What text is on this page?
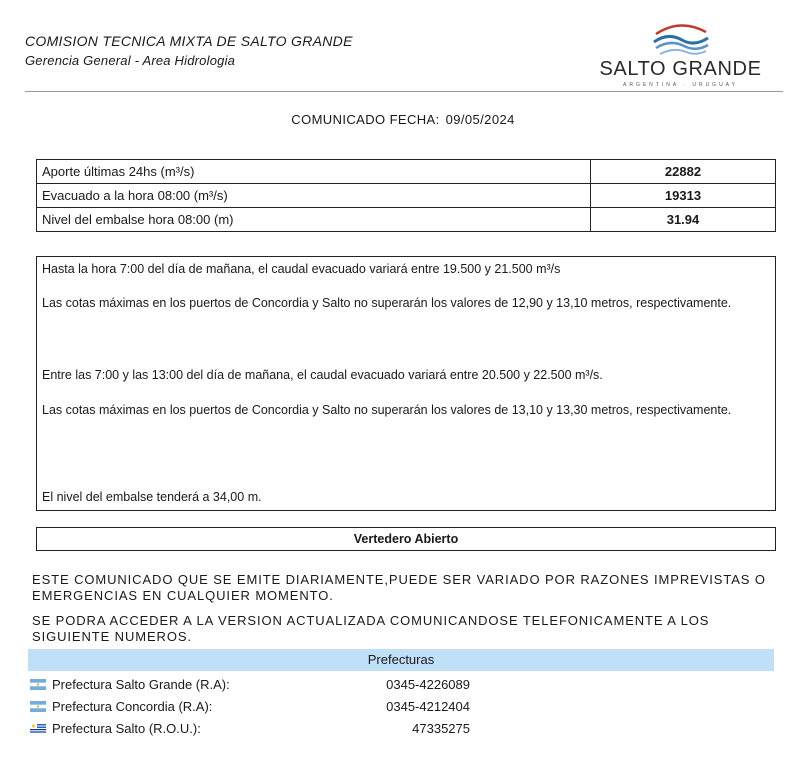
COMISION TECNICA MIXTA DE SALTO GRANDE
Gerencia General - Area Hidrologia	SALTO GRANDE
ARGENTINA · URUGUAY
COMUNICADO FECHA: 09/05/2024
Aporte últimas 24hs (m³/s)	22882
Evacuado a la hora 08:00 (m³/s)	19313
Nivel del embalse hora 08:00 (m)	31.94
Hasta la hora 7:00 del día de mañana, el caudal evacuado variará entre 19.500 y 21.500 m³/s
Las cotas máximas en los puertos de Concordia y Salto no superarán los valores de 12,90 y 13,10 metros, respectivamente.
Entre las 7:00 y las 13:00 del día de mañana, el caudal evacuado variará entre 20.500 y 22.500 m³/s.
Las cotas máximas en los puertos de Concordia y Salto no superarán los valores de 13,10 y 13,30 metros, respectivamente.
El nivel del embalse tenderá a 34,00 m.
Vertedero Abierto
ESTE COMUNICADO QUE SE EMITE DIARIAMENTE,PUEDE SER VARIADO POR RAZONES IMPREVISTAS O EMERGENCIAS EN CUALQUIER MOMENTO.
SE PODRA ACCEDER A LA VERSION ACTUALIZADA COMUNICANDOSE TELEFONICAMENTE A LOS SIGUIENTE NUMEROS.
Prefecturas
Prefectura Salto Grande (R.A):	0345-4226089
Prefectura Concordia (R.A):	0345-4212404
Prefectura Salto (R.O.U.):	47335275
